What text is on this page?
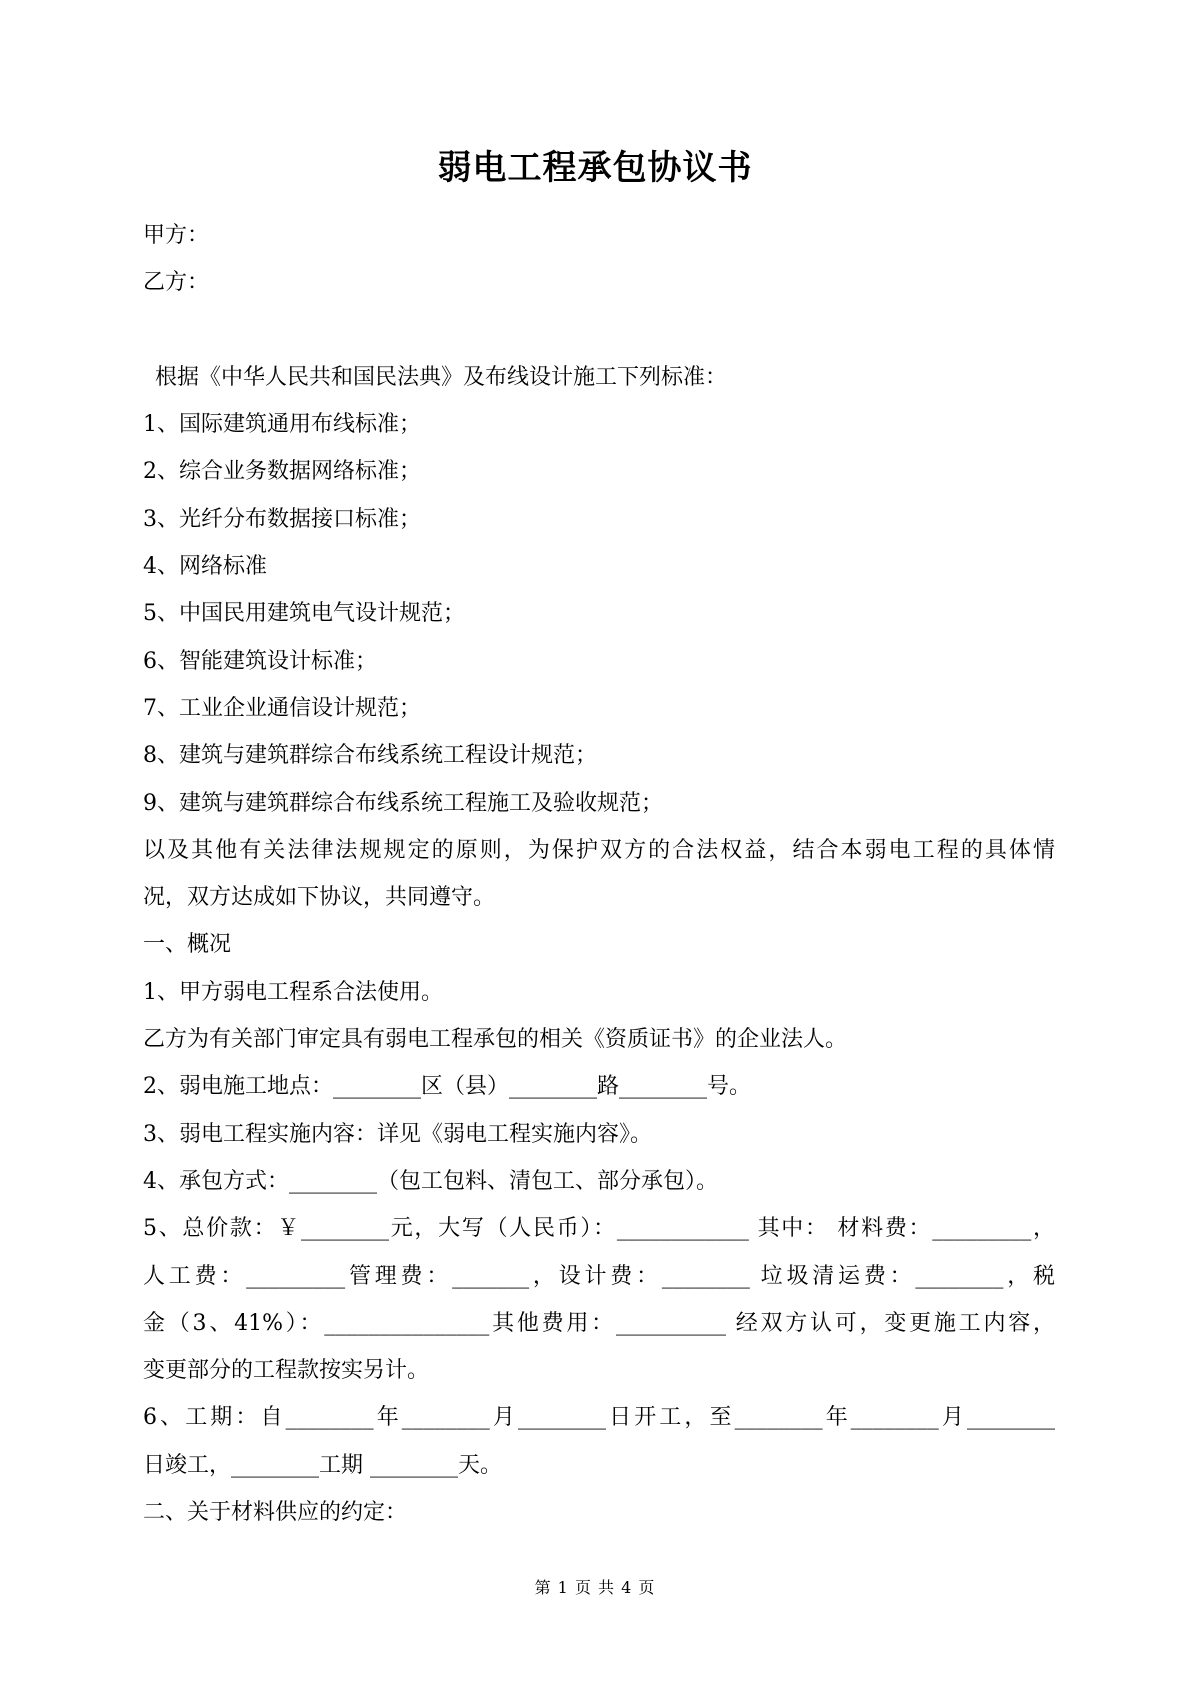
弱电工程承包协议书
甲方：
乙方：
根据《中华人民共和国民法典》及布线设计施工下列标准：
1、国际建筑通用布线标准；
2、综合业务数据网络标准；
3、光纤分布数据接口标准；
4、网络标准
5、中国民用建筑电气设计规范；
6、智能建筑设计标准；
7、工业企业通信设计规范；
8、建筑与建筑群综合布线系统工程设计规范；
9、建筑与建筑群综合布线系统工程施工及验收规范；
以及其他有关法律法规规定的原则，为保护双方的合法权益，结合本弱电工程的具体情
况，双方达成如下协议，共同遵守。
一、概况
1、甲方弱电工程系合法使用。
乙方为有关部门审定具有弱电工程承包的相关《资质证书》的企业法人。
2、弱电施工地点：________区（县）________路________号。
3、弱电工程实施内容：详见《弱电工程实施内容》。
4、承包方式：________（包工包料、清包工、部分承包）。
5、总价款：￥________元，大写（人民币）：____________ 其中： 材料费：_________，
人工费：_________管理费：_______，设计费：________ 垃圾清运费：________，税
金（3、41%）：_______________其他费用：__________ 经双方认可，变更施工内容，
变更部分的工程款按实另计。
6、工期：自________年________月________日开工，至________年________月________
日竣工，________工期 ________天。
二、关于材料供应的约定：
第 1 页 共 4 页
